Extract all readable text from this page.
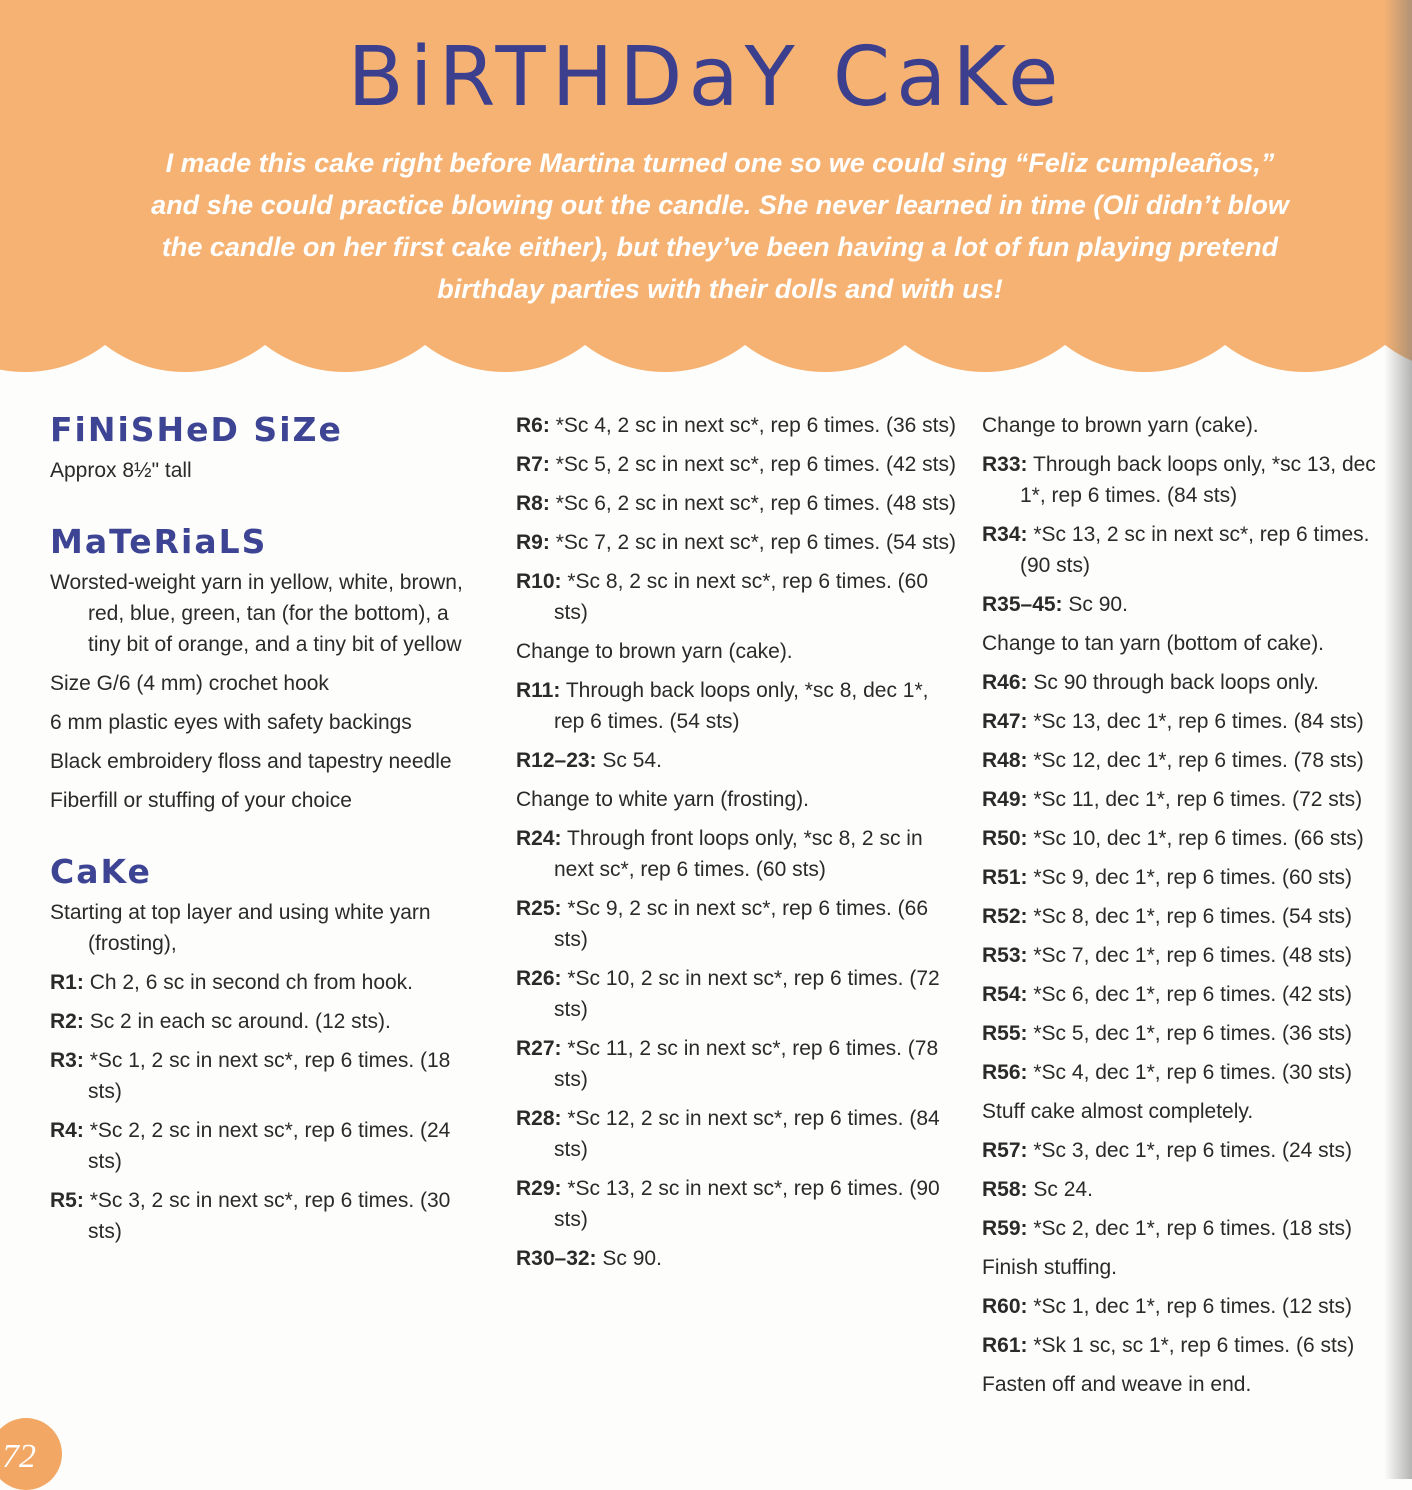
BiRTHDaY CaKe

I made this cake right before Martina turned one so we could sing “Feliz cumpleaños,” and she could practice blowing out the candle. She never learned in time (Oli didn’t blow the candle on her first cake either), but they’ve been having a lot of fun playing pretend birthday parties with their dolls and with us!

FiNiSHeD SiZe

Approx 8½" tall

MaTeRiaLS

Worsted-weight yarn in yellow, white, brown, red, blue, green, tan (for the bottom), a tiny bit of orange, and a tiny bit of yellow

Size G/6 (4 mm) crochet hook

6 mm plastic eyes with safety backings

Black embroidery floss and tapestry needle

Fiberfill or stuffing of your choice

CaKe

Starting at top layer and using white yarn (frosting),

R1: Ch 2, 6 sc in second ch from hook.

R2: Sc 2 in each sc around. (12 sts).

R3: *Sc 1, 2 sc in next sc*, rep 6 times. (18 sts)

R4: *Sc 2, 2 sc in next sc*, rep 6 times. (24 sts)

R5: *Sc 3, 2 sc in next sc*, rep 6 times. (30 sts)

R6: *Sc 4, 2 sc in next sc*, rep 6 times. (36 sts)

R7: *Sc 5, 2 sc in next sc*, rep 6 times. (42 sts)

R8: *Sc 6, 2 sc in next sc*, rep 6 times. (48 sts)

R9: *Sc 7, 2 sc in next sc*, rep 6 times. (54 sts)

R10: *Sc 8, 2 sc in next sc*, rep 6 times. (60 sts)

Change to brown yarn (cake).

R11: Through back loops only, *sc 8, dec 1*, rep 6 times. (54 sts)

R12–23: Sc 54.

Change to white yarn (frosting).

R24: Through front loops only, *sc 8, 2 sc in next sc*, rep 6 times. (60 sts)

R25: *Sc 9, 2 sc in next sc*, rep 6 times. (66 sts)

R26: *Sc 10, 2 sc in next sc*, rep 6 times. (72 sts)

R27: *Sc 11, 2 sc in next sc*, rep 6 times. (78 sts)

R28: *Sc 12, 2 sc in next sc*, rep 6 times. (84 sts)

R29: *Sc 13, 2 sc in next sc*, rep 6 times. (90 sts)

R30–32: Sc 90.

Change to brown yarn (cake).

R33: Through back loops only, *sc 13, dec
1*, rep 6 times. (84 sts)

R34: *Sc 13, 2 sc in next sc*, rep 6 times.
(90 sts)

R35–45: Sc 90.

Change to tan yarn (bottom of cake).

R46: Sc 90 through back loops only.

R47: *Sc 13, dec 1*, rep 6 times. (84 sts)

R48: *Sc 12, dec 1*, rep 6 times. (78 sts)

R49: *Sc 11, dec 1*, rep 6 times. (72 sts)

R50: *Sc 10, dec 1*, rep 6 times. (66 sts)

R51: *Sc 9, dec 1*, rep 6 times. (60 sts)

R52: *Sc 8, dec 1*, rep 6 times. (54 sts)

R53: *Sc 7, dec 1*, rep 6 times. (48 sts)

R54: *Sc 6, dec 1*, rep 6 times. (42 sts)

R55: *Sc 5, dec 1*, rep 6 times. (36 sts)

R56: *Sc 4, dec 1*, rep 6 times. (30 sts)

Stuff cake almost completely.

R57: *Sc 3, dec 1*, rep 6 times. (24 sts)

R58: Sc 24.

R59: *Sc 2, dec 1*, rep 6 times. (18 sts)

Finish stuffing.

R60: *Sc 1, dec 1*, rep 6 times. (12 sts)

R61: *Sk 1 sc, sc 1*, rep 6 times. (6 sts)

Fasten off and weave in end.

72
